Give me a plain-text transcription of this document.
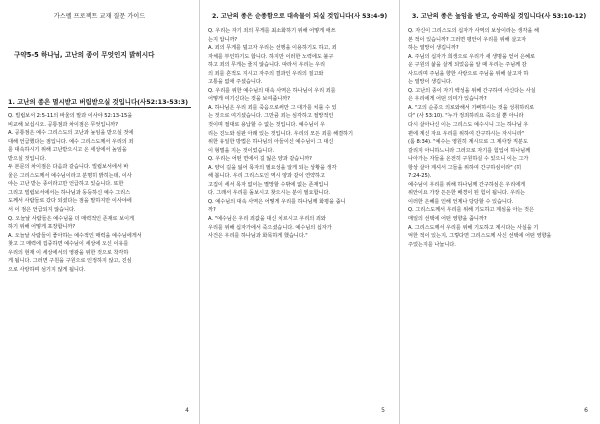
가스펠 프로젝트 교재 질문 가이드
구약5-5 하나님, 고난의 종이 무엇인지 밝히시다
1. 고난의 종은 멸시받고 버림받으실 것입니다(사52:13-53:3)
Q. 빌립보서 2:5-11의 바울의 말과 이사야 52:13-15을
비교해 보십시오. 공통점과 차이점은 무엇입니까?
A. 공통점은 예수 그리스도의 고난과 높임을 받으실 것에
대해 언급했다는 점입니다. 예수 그리스도께서 우리의 죄
를 대속하시기 위해 고난받으시고 온 세상에서 높임을
받으실 것입니다.
두 본문의 차이점은 다음과 같습니다. 빌립보서에서 바
울은 그리스도께서 예수님이라고 분명히 밝히는데, 이사
야는 고난 받는 종이라고만 언급하고 있습니다. 또한
그리고 빌립보서에서는 하나님과 동등하신 예수 그리스
도께서 사람들로 갔다 되셨다는 점을 말하지만 이사야에
서 이 점은 언급되지 않습니다.
Q. 오늘날 사람들은 예수님을 더 매력적인 존재로 보이게
하기 위해 어떻게 포장합니까?
A. 오늘날 사람들이 좋아하는 예수적인 매력을 예수님에게서
찾고 그 매력에 집중하면 예수님이 세상에 오신 이유를
우리의 현재 이 세상에서의 영광을 위한 것으로 착각하
게 됩니다. 그러면 구원을 구원으로 인정하지 않고, 진심
으로 사랑하며 섬기지 않게 됩니다.
4
2. 고난의 종은 순종함으로 대속물이 되실 것입니다(사 53:4-9)
Q. 우리는 자기 죄의 무게를 최소화하기 위해 어떻게 애쓰
는지 압니까?
A. 죄의 무게를 덜고자 우리는 선행을 이용하기도 하고, 죄
자체를 부인하기도 합니다. 하지만 이러한 노력에도 불구
하고 죄의 무게는 줄지 않습니다. 따라서 우리는 우리
의 죄를 흔적도 지시고 자주의 결과인 우리의 질고와
고통을 없애 주셨습니다.
Q. 우리를 위한 예수님의 대속 사역은 하나님이 우리 죄를
어떻게 여기신다는 것을 보여줍니까?
A. 하나님은 우리 죄를 죽음으로써만 그 대가를 치룰 수 있
는 것으로 여기셨습니다. 그만큼 죄는 심각하고 절망적인
것이며 절대로 용납할 수 없는 것입니다. 예수님이 우
리는 진노와 심판 아래 있는 것입니다. 우리의 모든 죄를 해결하기
위한 유일한 방법은 하나님의 아들이신 예수님이 그 대신
이 형벌을 지는 것이었습니다.
Q. 우리는 어떤 면에서 길 잃은 양과 같습니까?
A. 양이 길을 잃어 목자의 필요성을 알게 되는 상황을 생각
해 봅니다. 우리 그리스도인 역시 양과 같이 연약하고
고집이 세서 목자 없이는 멸망할 수밖에 없는 존재입니
다. 그래서 우리를 돌보시고 찾으시는 분이 필요합니다.
Q. 예수님의 대속 사역은 어떻게 우리를 하나님께 화평을 줍니
까?
A. "예수님은 우리 죄값을 대신 치르시고 우리의 죄와
우리를 위해 십자가에서 죽으셨습니다. 예수님의 십자가
사건은 우리를 하나님과 화목하게 했습니다."
5
3. 고난의 종은 높임을 받고, 승리하실 것입니다(사 53:10-12)
Q. 자신이 그리스도의 십자가 사역의 보상이라는 생각을 해
본 적이 있습니까? 그러면 평안이 우리를 위해 살고자
하는 열망이 생깁니까?
A. 주님의 십자가 희생으로 우리가 새 생명을 얻어 은혜로
운 구원의 삶을 살게 되었음을 알 때 우리는 주님께 감
사드리며 주님을 향한 사랑으로 주님을 위해 살고자 하
는 열망이 생깁니다.
Q. 고난의 종이 자기 백성을 위해 간구하여 사신다는 사실
은 우리에게 어떤 의미가 있습니까?
A. "고의 순종으 의로와해서 기뻐하시는 것을 성취하리로
다" (사 53:10). "누가 정죄하리요 죽으실 뿐 아니라
다시 살아나신 이는 그리스도 예수시니 그는 하나님 우
편에 계신 자요 우리를 위하여 간구하시는 자시니라"
(롬 8:34). "예수는 영원히 계시므로 그 제사장 직분도
갈리지 아니하느니라 그러므로 자기를 힘입어 하나님께
나아가는 자들을 온전히 구원하실 수 있으니 이는 그가
항상 살아 계셔서 그들을 위하여 간구하심이라" (히
7:24-25).
예수님이 우리를 위해 하나님께 간구하심은 우리에게
위안이요 가장 든든한 배경이 된 힘이 됩니다. 우리는
이러한 은혜를 인해 언제나 당당할 수 있습니다.
Q. 그리스도께서 우리를 위해 기도하고 계심을 아는 것은
매일의 선택에 어떤 영향을 줍니까?
A. 그리스도께서 우리를 위해 기도하고 계시다는 사실을 기
억한 적이 있는지, 그렇다면 그리스도께 사신 선택에 어떤 영향을
주었는지를 나눕니다.
6
